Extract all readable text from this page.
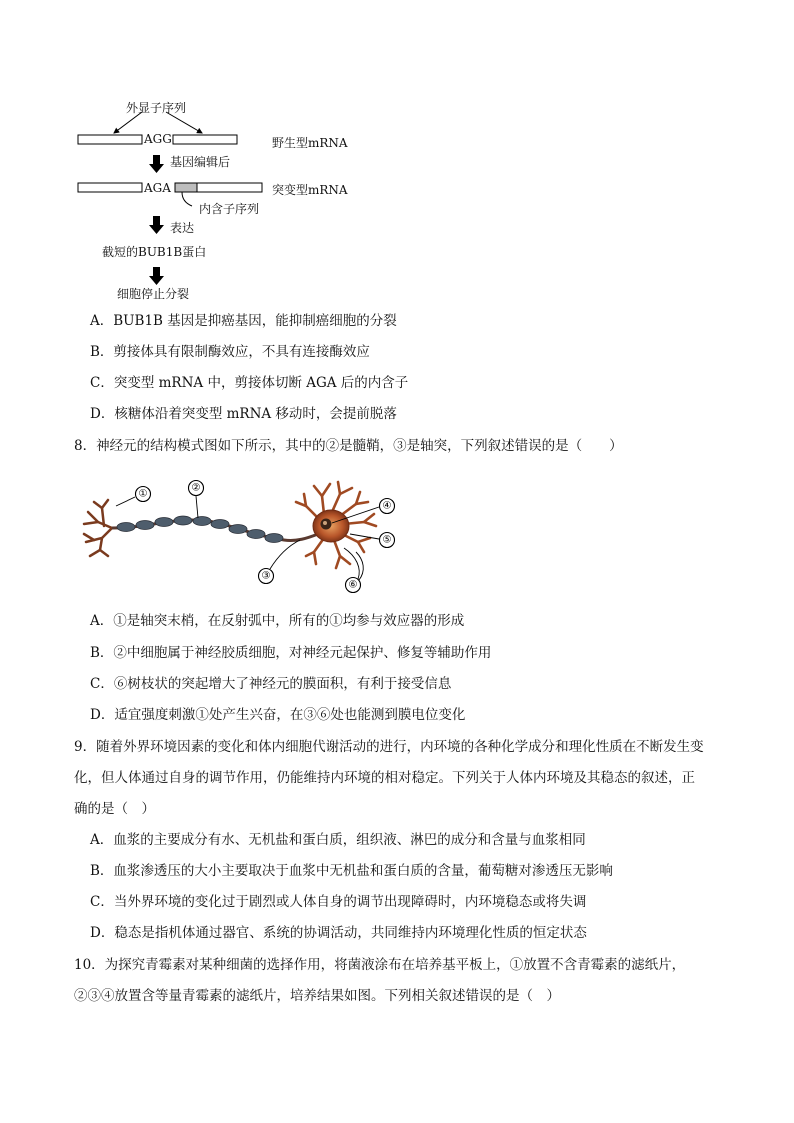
外显子序列
AGG	野生型mRNA
基因编辑后
AGA	突变型mRNA
内含子序列
表达
截短的BUB1B蛋白
细胞停止分裂
A．BUB1B 基因是抑癌基因，能抑制癌细胞的分裂
B．剪接体具有限制酶效应，不具有连接酶效应
C．突变型 mRNA 中，剪接体切断 AGA 后的内含子
D．核糖体沿着突变型 mRNA 移动时，会提前脱落
8．神经元的结构模式图如下所示，其中的②是髓鞘，③是轴突，下列叙述错误的是（　　）
①
②
③
④
⑤
⑥
A．①是轴突末梢，在反射弧中，所有的①均参与效应器的形成
B．②中细胞属于神经胶质细胞，对神经元起保护、修复等辅助作用
C．⑥树枝状的突起增大了神经元的膜面积，有利于接受信息
D．适宜强度刺激①处产生兴奋，在③⑥处也能测到膜电位变化
9．随着外界环境因素的变化和体内细胞代谢活动的进行，内环境的各种化学成分和理化性质在不断发生变
化，但人体通过自身的调节作用，仍能维持内环境的相对稳定。下列关于人体内环境及其稳态的叙述，正
确的是（　）
A．血浆的主要成分有水、无机盐和蛋白质，组织液、淋巴的成分和含量与血浆相同
B．血浆渗透压的大小主要取决于血浆中无机盐和蛋白质的含量，葡萄糖对渗透压无影响
C．当外界环境的变化过于剧烈或人体自身的调节出现障碍时，内环境稳态或将失调
D．稳态是指机体通过器官、系统的协调活动，共同维持内环境理化性质的恒定状态
10．为探究青霉素对某种细菌的选择作用，将菌液涂布在培养基平板上，①放置不含青霉素的滤纸片，
②③④放置含等量青霉素的滤纸片，培养结果如图。下列相关叙述错误的是（　）
